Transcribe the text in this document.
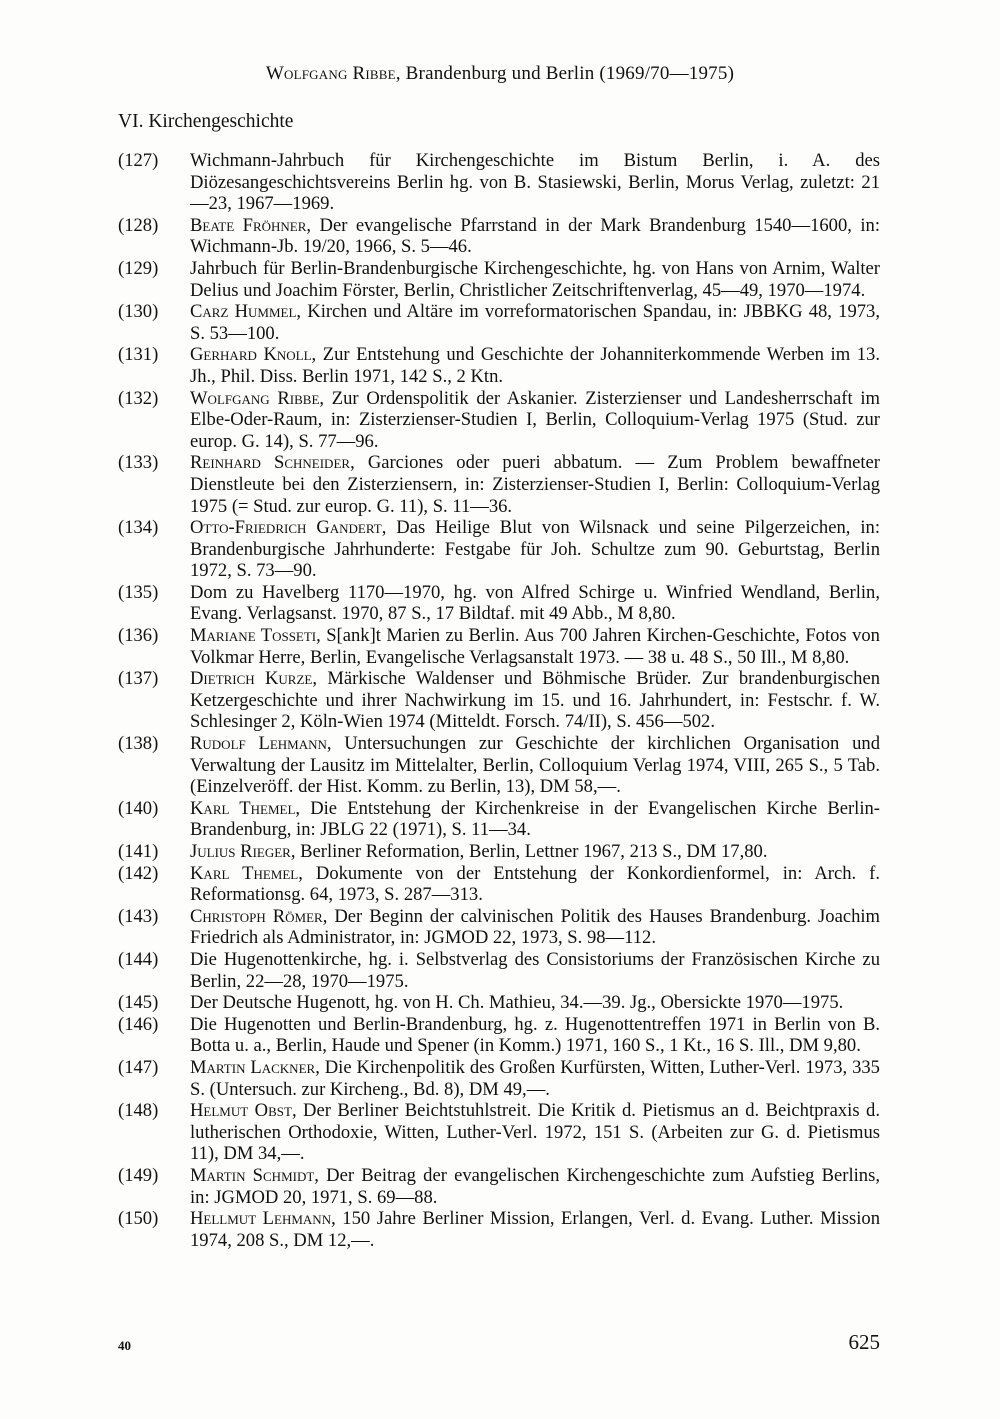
Wolfgang Ribbe, Brandenburg und Berlin (1969/70—1975)
VI. Kirchengeschichte

(127)	Wichmann-Jahrbuch für Kirchengeschichte im Bistum Berlin, i. A. des Diözesangeschichtsvereins Berlin hg. von B. Stasiewski, Berlin, Morus Verlag, zuletzt: 21—23, 1967—1969.

(128)	Beate Fröhner, Der evangelische Pfarrstand in der Mark Brandenburg 1540—1600, in: Wichmann-Jb. 19/20, 1966, S. 5—46.

(129)	Jahrbuch für Berlin-Brandenburgische Kirchengeschichte, hg. von Hans von Arnim, Walter Delius und Joachim Förster, Berlin, Christlicher Zeitschriftenverlag, 45—49, 1970—1974.

(130)	Carz Hummel, Kirchen und Altäre im vorreformatorischen Spandau, in: JBBKG 48, 1973, S. 53—100.

(131)	Gerhard Knoll, Zur Entstehung und Geschichte der Johanniterkommende Werben im 13. Jh., Phil. Diss. Berlin 1971, 142 S., 2 Ktn.

(132)	Wolfgang Ribbe, Zur Ordenspolitik der Askanier. Zisterzienser und Landesherrschaft im Elbe-Oder-Raum, in: Zisterzienser-Studien I, Berlin, Colloquium-Verlag 1975 (Stud. zur europ. G. 14), S. 77—96.

(133)	Reinhard Schneider, Garciones oder pueri abbatum. — Zum Problem bewaffneter Dienstleute bei den Zisterziensern, in: Zisterzienser-Studien I, Berlin: Colloquium-Verlag 1975 (= Stud. zur europ. G. 11), S. 11—36.

(134)	Otto-Friedrich Gandert, Das Heilige Blut von Wilsnack und seine Pilgerzeichen, in: Brandenburgische Jahrhunderte: Festgabe für Joh. Schultze zum 90. Geburtstag, Berlin 1972, S. 73—90.

(135)	Dom zu Havelberg 1170—1970, hg. von Alfred Schirge u. Winfried Wendland, Berlin, Evang. Verlagsanst. 1970, 87 S., 17 Bildtaf. mit 49 Abb., M 8,80.

(136)	Mariane Tosseti, S[ank]t Marien zu Berlin. Aus 700 Jahren Kirchen-Geschichte, Fotos von Volkmar Herre, Berlin, Evangelische Verlagsanstalt 1973. — 38 u. 48 S., 50 Ill., M 8,80.

(137)	Dietrich Kurze, Märkische Waldenser und Böhmische Brüder. Zur brandenburgischen Ketzergeschichte und ihrer Nachwirkung im 15. und 16. Jahrhundert, in: Festschr. f. W. Schlesinger 2, Köln-Wien 1974 (Mitteldt. Forsch. 74/II), S. 456—502.

(138)	Rudolf Lehmann, Untersuchungen zur Geschichte der kirchlichen Organisation und Verwaltung der Lausitz im Mittelalter, Berlin, Colloquium Verlag 1974, VIII, 265 S., 5 Tab. (Einzelveröff. der Hist. Komm. zu Berlin, 13), DM 58,—.

(140)	Karl Themel, Die Entstehung der Kirchenkreise in der Evangelischen Kirche Berlin-Brandenburg, in: JBLG 22 (1971), S. 11—34.

(141)	Julius Rieger, Berliner Reformation, Berlin, Lettner 1967, 213 S., DM 17,80.

(142)	Karl Themel, Dokumente von der Entstehung der Konkordienformel, in: Arch. f. Reformationsg. 64, 1973, S. 287—313.

(143)	Christoph Römer, Der Beginn der calvinischen Politik des Hauses Brandenburg. Joachim Friedrich als Administrator, in: JGMOD 22, 1973, S. 98—112.

(144)	Die Hugenottenkirche, hg. i. Selbstverlag des Consistoriums der Französischen Kirche zu Berlin, 22—28, 1970—1975.

(145)	Der Deutsche Hugenott, hg. von H. Ch. Mathieu, 34.—39. Jg., Obersickte 1970—1975.

(146)	Die Hugenotten und Berlin-Brandenburg, hg. z. Hugenottentreffen 1971 in Berlin von B. Botta u. a., Berlin, Haude und Spener (in Komm.) 1971, 160 S., 1 Kt., 16 S. Ill., DM 9,80.

(147)	Martin Lackner, Die Kirchenpolitik des Großen Kurfürsten, Witten, Luther-Verl. 1973, 335 S. (Untersuch. zur Kircheng., Bd. 8), DM 49,—.

(148)	Helmut Obst, Der Berliner Beichtstuhlstreit. Die Kritik d. Pietismus an d. Beichtpraxis d. lutherischen Orthodoxie, Witten, Luther-Verl. 1972, 151 S. (Arbeiten zur G. d. Pietismus 11), DM 34,—.

(149)	Martin Schmidt, Der Beitrag der evangelischen Kirchengeschichte zum Aufstieg Berlins, in: JGMOD 20, 1971, S. 69—88.

(150)	Hellmut Lehmann, 150 Jahre Berliner Mission, Erlangen, Verl. d. Evang. Luther. Mission 1974, 208 S., DM 12,—.

40	625
